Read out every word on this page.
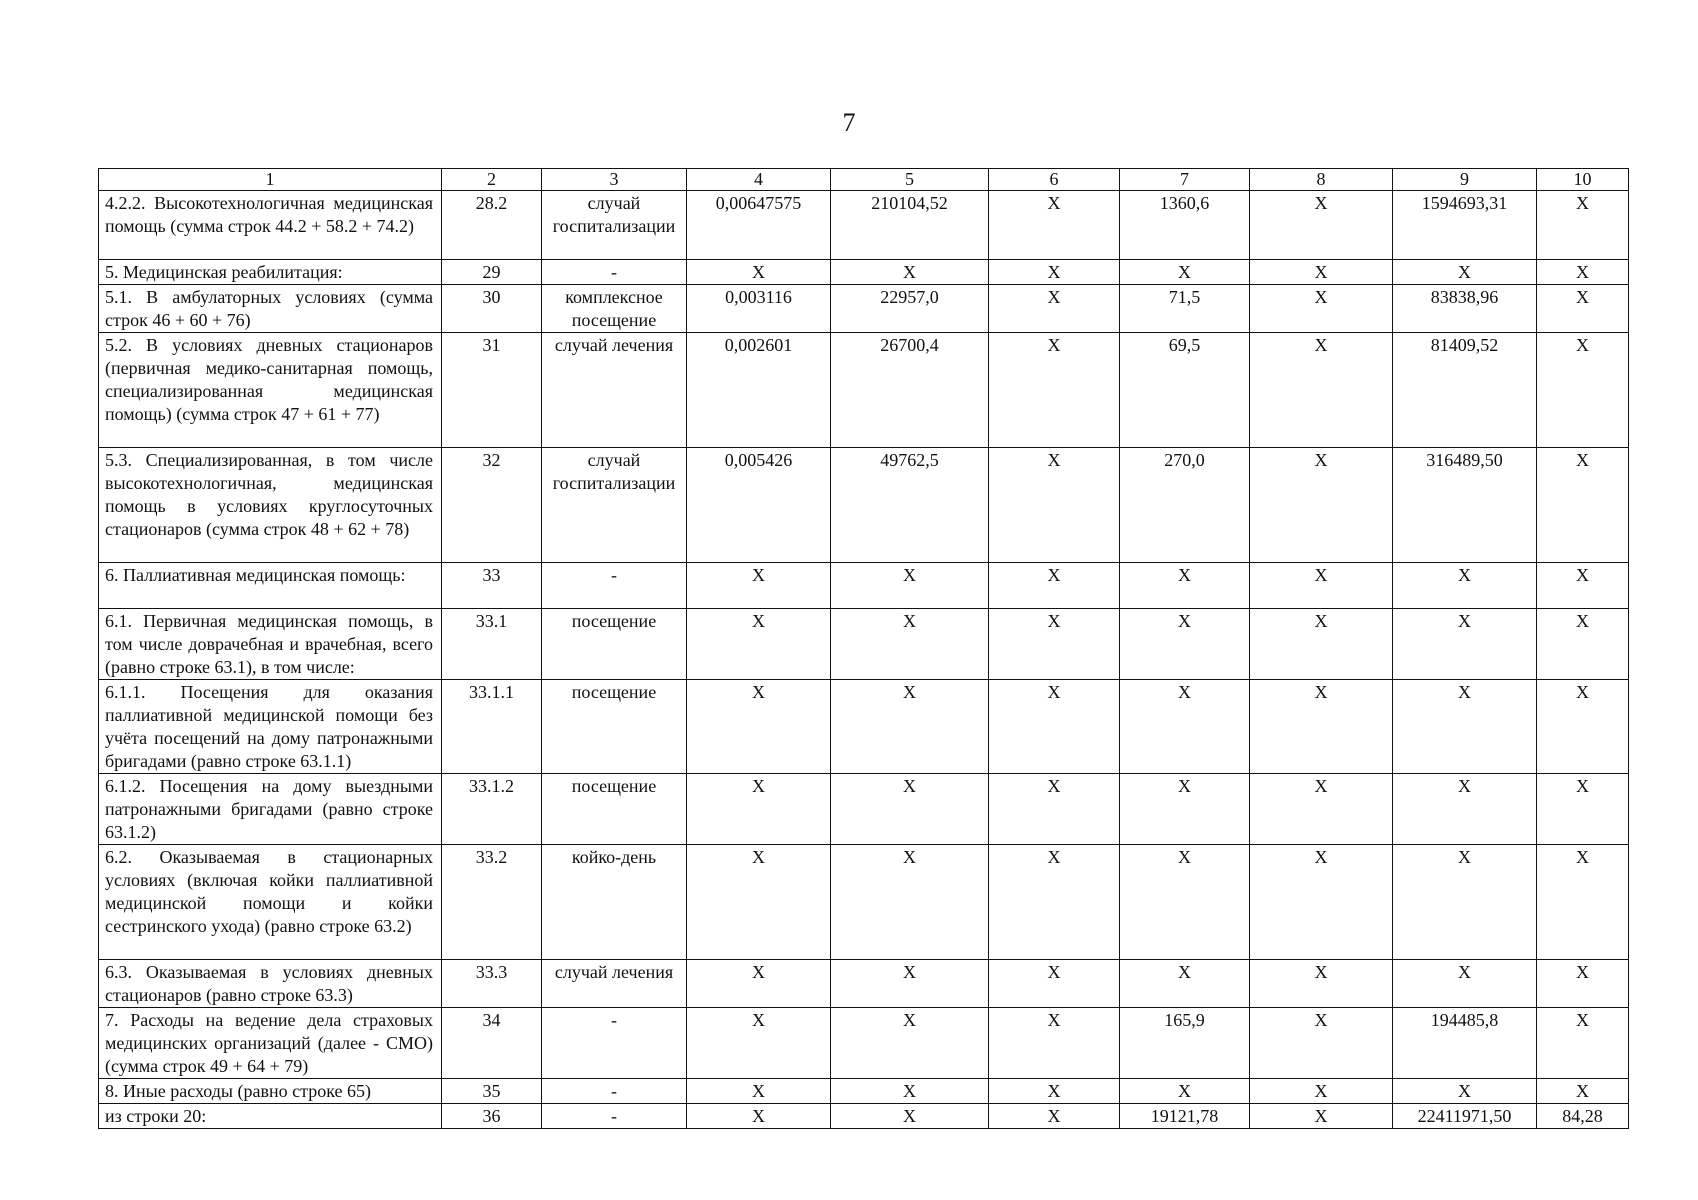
7
1	2	3	4	5	6	7	8	9	10
4.2.2. Высокотехнологичная медицинская помощь (сумма строк 44.2 + 58.2 + 74.2)	28.2	случай госпитализации	0,00647575	210104,52	X	1360,6	X	1594693,31	X
5. Медицинская реабилитация:	29	-	X	X	X	X	X	X	X
5.1. В амбулаторных условиях (сумма строк 46 + 60 + 76)	30	комплексное посещение	0,003116	22957,0	X	71,5	X	83838,96	X
5.2. В условиях дневных стационаров (первичная медико-санитарная помощь, специализированная медицинская помощь) (сумма строк 47 + 61 + 77)	31	случай лечения	0,002601	26700,4	X	69,5	X	81409,52	X
5.3. Специализированная, в том числе высокотехнологичная, медицинская помощь в условиях круглосуточных стационаров (сумма строк 48 + 62 + 78)	32	случай госпитализации	0,005426	49762,5	X	270,0	X	316489,50	X
6. Паллиативная медицинская помощь:	33	-	X	X	X	X	X	X	X
6.1. Первичная медицинская помощь, в том числе доврачебная и врачебная, всего (равно строке 63.1), в том числе:	33.1	посещение	X	X	X	X	X	X	X
6.1.1. Посещения для оказания паллиативной медицинской помощи без учёта посещений на дому патронажными бригадами (равно строке 63.1.1)	33.1.1	посещение	X	X	X	X	X	X	X
6.1.2. Посещения на дому выездными патронажными бригадами (равно строке 63.1.2)	33.1.2	посещение	X	X	X	X	X	X	X
6.2. Оказываемая в стационарных условиях (включая койки паллиативной медицинской помощи и койки сестринского ухода) (равно строке 63.2)	33.2	койко-день	X	X	X	X	X	X	X
6.3. Оказываемая в условиях дневных стационаров (равно строке 63.3)	33.3	случай лечения	X	X	X	X	X	X	X
7. Расходы на ведение дела страховых медицинских организаций (далее - СМО) (сумма строк 49 + 64 + 79)	34	-	X	X	X	165,9	X	194485,8	X
8. Иные расходы (равно строке 65)	35	-	X	X	X	X	X	X	X
из строки 20:	36	-	X	X	X	19121,78	X	22411971,50	84,28
